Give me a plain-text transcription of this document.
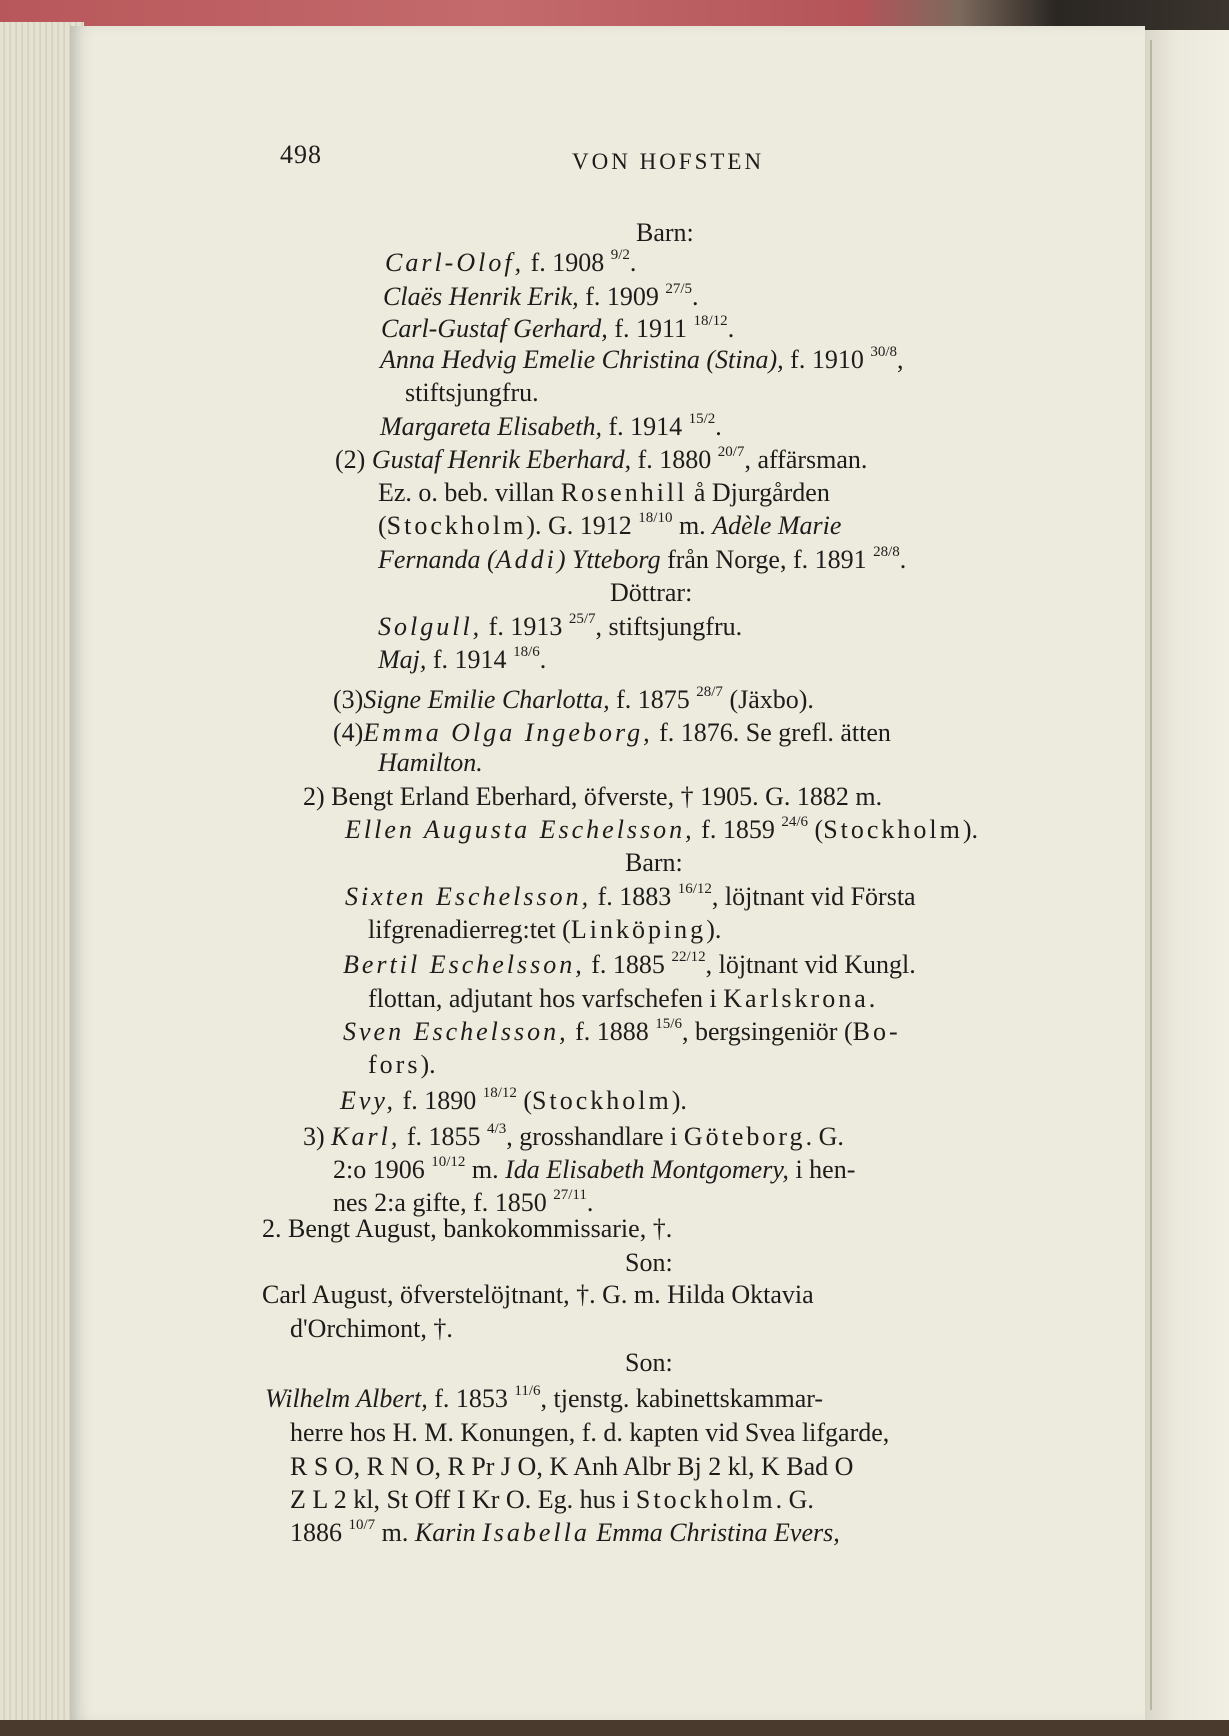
498	VON HOFSTEN
Barn:
Carl-Olof, f. 1908 $^{9/2}$.
Claës Henrik Erik, f. 1909 $^{27/5}$.
Carl-Gustaf Gerhard, f. 1911 $^{18/12}$.
Anna Hedvig Emelie Christina (Stina), f. 1910 $^{30/8}$,
stiftsjungfru.
Margareta Elisabeth, f. 1914 $^{15/2}$.
(2) Gustaf Henrik Eberhard, f. 1880 $^{20/7}$, affärsman.
Ez. o. beb. villan Rosenhill å Djurgården
(Stockholm). G. 1912 $^{18/10}$ m. Adèle Marie
Fernanda (Addi) Ytteborg från Norge, f. 1891 $^{28/8}$.
Döttrar:
Solgull, f. 1913 $^{25/7}$, stiftsjungfru.
Maj, f. 1914 $^{18/6}$.
(3)Signe Emilie Charlotta, f. 1875 $^{28/7}$ (Jäxbo).
(4)Emma Olga Ingeborg, f. 1876. Se grefl. ätten
Hamilton.
2) Bengt Erland Eberhard, öfverste, † 1905. G. 1882 m.
Ellen Augusta Eschelsson, f. 1859 $^{24/6}$ (Stockholm).
Barn:
Sixten Eschelsson, f. 1883 $^{16/12}$, löjtnant vid Första
lifgrenadierreg:tet (Linköping).
Bertil Eschelsson, f. 1885 $^{22/12}$, löjtnant vid Kungl.
flottan, adjutant hos varfschefen i Karlskrona.
Sven Eschelsson, f. 1888 $^{15/6}$, bergsingeniör (Bo-
fors).
Evy, f. 1890 $^{18/12}$ (Stockholm).
3) Karl, f. 1855 $^{4/3}$, grosshandlare i Göteborg. G.
2:o 1906 $^{10/12}$ m. Ida Elisabeth Montgomery, i hen-
nes 2:a gifte, f. 1850 $^{27/11}$.
2. Bengt August, bankokommissarie, †.
Son:
Carl August, öfverstelöjtnant, †. G. m. Hilda Oktavia
d'Orchimont, †.
Son:
Wilhelm Albert, f. 1853 $^{11/6}$, tjenstg. kabinettskammar-
herre hos H. M. Konungen, f. d. kapten vid Svea lifgarde,
R S O, R N O, R Pr J O, K Anh Albr Bj 2 kl, K Bad O
Z L 2 kl, St Off I Kr O. Eg. hus i Stockholm. G.
1886 $^{10/7}$ m. Karin Isabella Emma Christina Evers,
